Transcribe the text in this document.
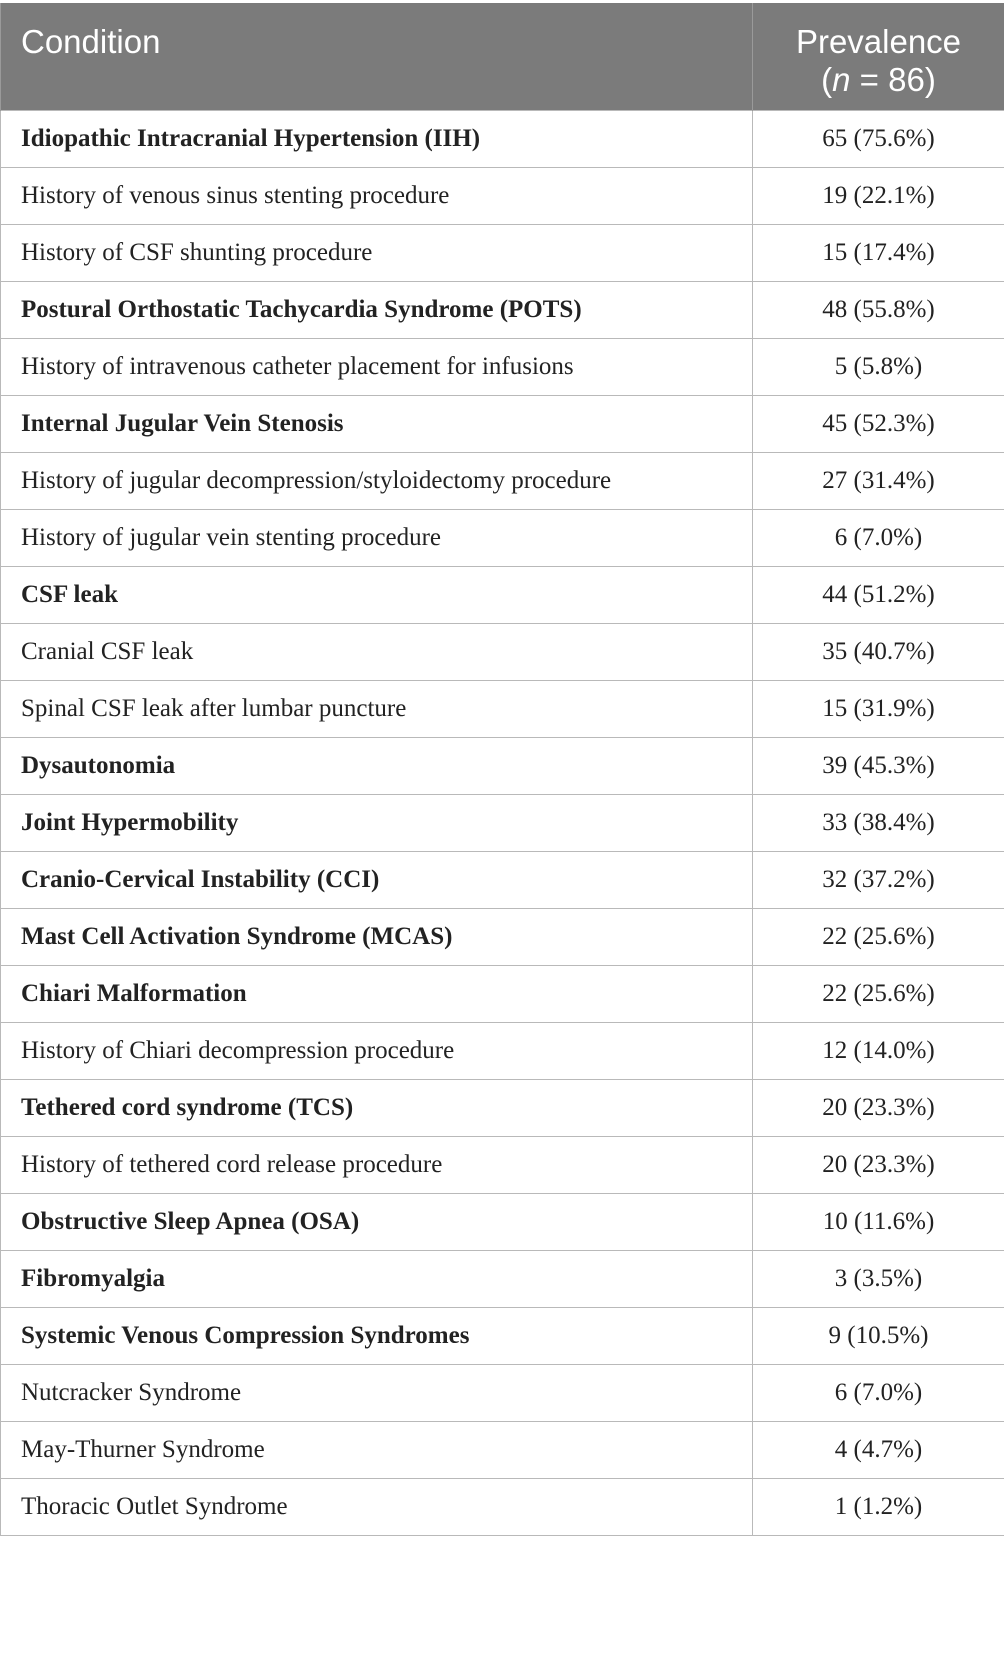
Condition	Prevalence
(n = 86)
Idiopathic Intracranial Hypertension (IIH)	65 (75.6%)
History of venous sinus stenting procedure	19 (22.1%)
History of CSF shunting procedure	15 (17.4%)
Postural Orthostatic Tachycardia Syndrome (POTS)	48 (55.8%)
History of intravenous catheter placement for infusions	5 (5.8%)
Internal Jugular Vein Stenosis	45 (52.3%)
History of jugular decompression/styloidectomy procedure	27 (31.4%)
History of jugular vein stenting procedure	6 (7.0%)
CSF leak	44 (51.2%)
Cranial CSF leak	35 (40.7%)
Spinal CSF leak after lumbar puncture	15 (31.9%)
Dysautonomia	39 (45.3%)
Joint Hypermobility	33 (38.4%)
Cranio-Cervical Instability (CCI)	32 (37.2%)
Mast Cell Activation Syndrome (MCAS)	22 (25.6%)
Chiari Malformation	22 (25.6%)
History of Chiari decompression procedure	12 (14.0%)
Tethered cord syndrome (TCS)	20 (23.3%)
History of tethered cord release procedure	20 (23.3%)
Obstructive Sleep Apnea (OSA)	10 (11.6%)
Fibromyalgia	3 (3.5%)
Systemic Venous Compression Syndromes	9 (10.5%)
Nutcracker Syndrome	6 (7.0%)
May-Thurner Syndrome	4 (4.7%)
Thoracic Outlet Syndrome	1 (1.2%)
